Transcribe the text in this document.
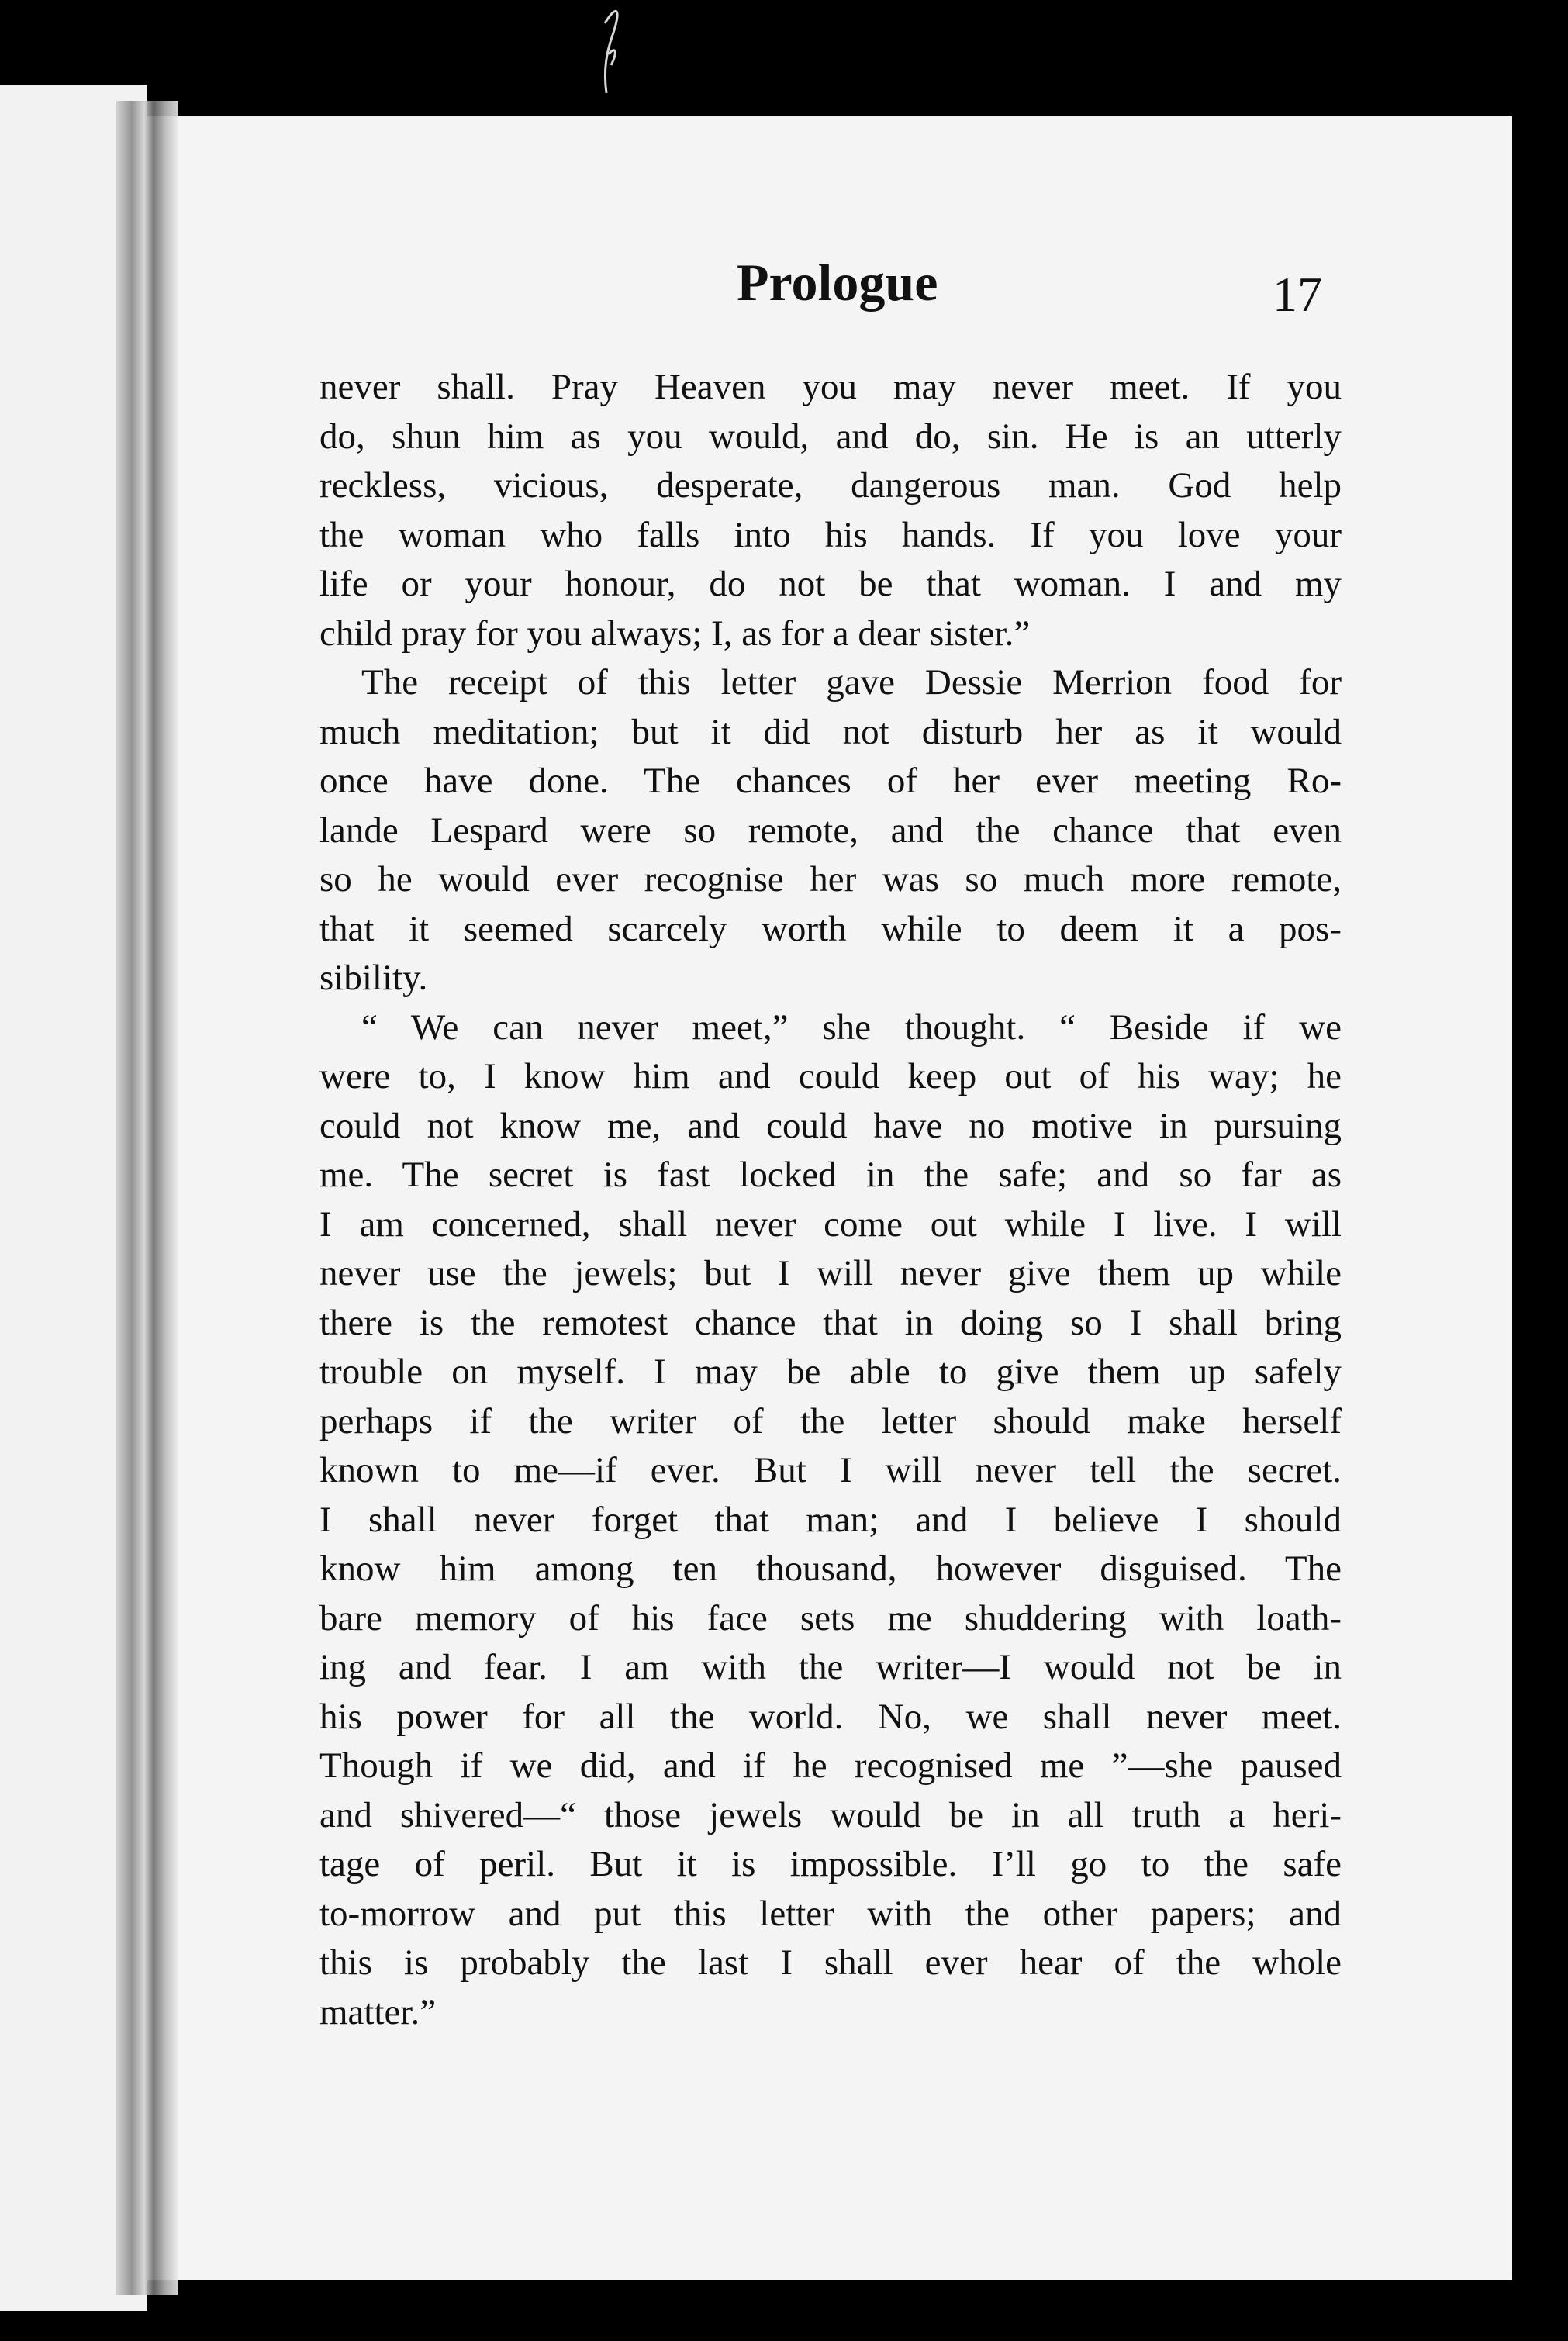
Prologue	17
never shall. Pray Heaven you may never meet. If you
do, shun him as you would, and do, sin. He is an utterly
reckless, vicious, desperate, dangerous man. God help
the woman who falls into his hands. If you love your
life or your honour, do not be that woman. I and my
child pray for you always; I, as for a dear sister.”
The receipt of this letter gave Dessie Merrion food for
much meditation; but it did not disturb her as it would
once have done. The chances of her ever meeting Ro-
lande Lespard were so remote, and the chance that even
so he would ever recognise her was so much more remote,
that it seemed scarcely worth while to deem it a pos-
sibility.
“ We can never meet,” she thought. “ Beside if we
were to, I know him and could keep out of his way; he
could not know me, and could have no motive in pursuing
me. The secret is fast locked in the safe; and so far as
I am concerned, shall never come out while I live. I will
never use the jewels; but I will never give them up while
there is the remotest chance that in doing so I shall bring
trouble on myself. I may be able to give them up safely
perhaps if the writer of the letter should make herself
known to me—if ever. But I will never tell the secret.
I shall never forget that man; and I believe I should
know him among ten thousand, however disguised. The
bare memory of his face sets me shuddering with loath-
ing and fear. I am with the writer—I would not be in
his power for all the world. No, we shall never meet.
Though if we did, and if he recognised me ”—she paused
and shivered—“ those jewels would be in all truth a heri-
tage of peril. But it is impossible. I’ll go to the safe
to-morrow and put this letter with the other papers; and
this is probably the last I shall ever hear of the whole
matter.”
